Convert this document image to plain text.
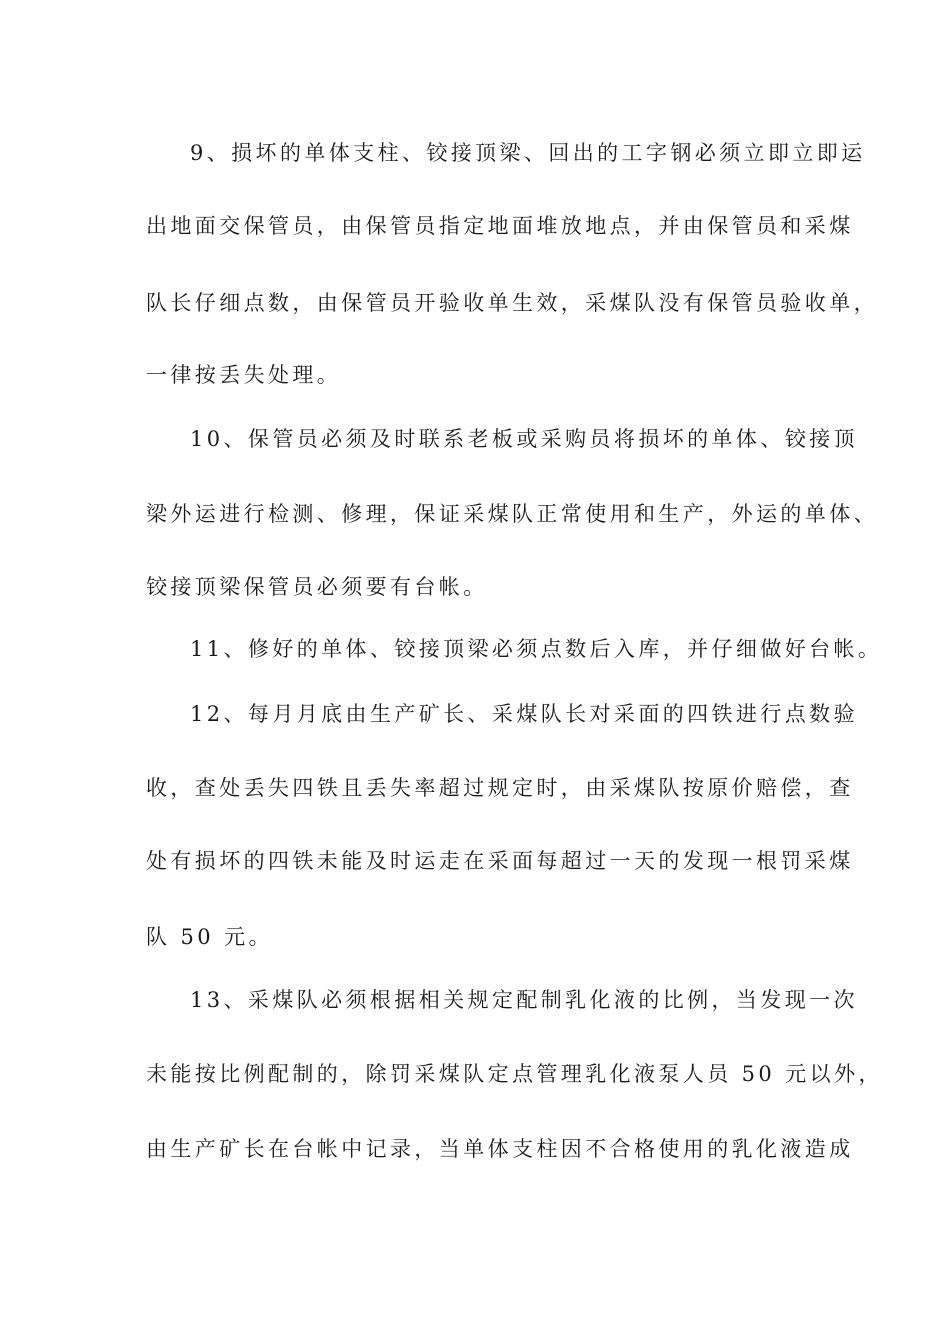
9、损坏的单体支柱、铰接顶梁、回出的工字钢必须立即立即运
出地面交保管员，由保管员指定地面堆放地点，并由保管员和采煤
队长仔细点数，由保管员开验收单生效，采煤队没有保管员验收单，
一律按丢失处理。
10、保管员必须及时联系老板或采购员将损坏的单体、铰接顶
梁外运进行检测、修理，保证采煤队正常使用和生产，外运的单体、
铰接顶梁保管员必须要有台帐。
11、修好的单体、铰接顶梁必须点数后入库，并仔细做好台帐。
12、每月月底由生产矿长、采煤队长对采面的四铁进行点数验
收，查处丢失四铁且丢失率超过规定时，由采煤队按原价赔偿，查
处有损坏的四铁未能及时运走在采面每超过一天的发现一根罚采煤
队 50 元。
13、采煤队必须根据相关规定配制乳化液的比例，当发现一次
未能按比例配制的，除罚采煤队定点管理乳化液泵人员 50 元以外，
由生产矿长在台帐中记录，当单体支柱因不合格使用的乳化液造成
